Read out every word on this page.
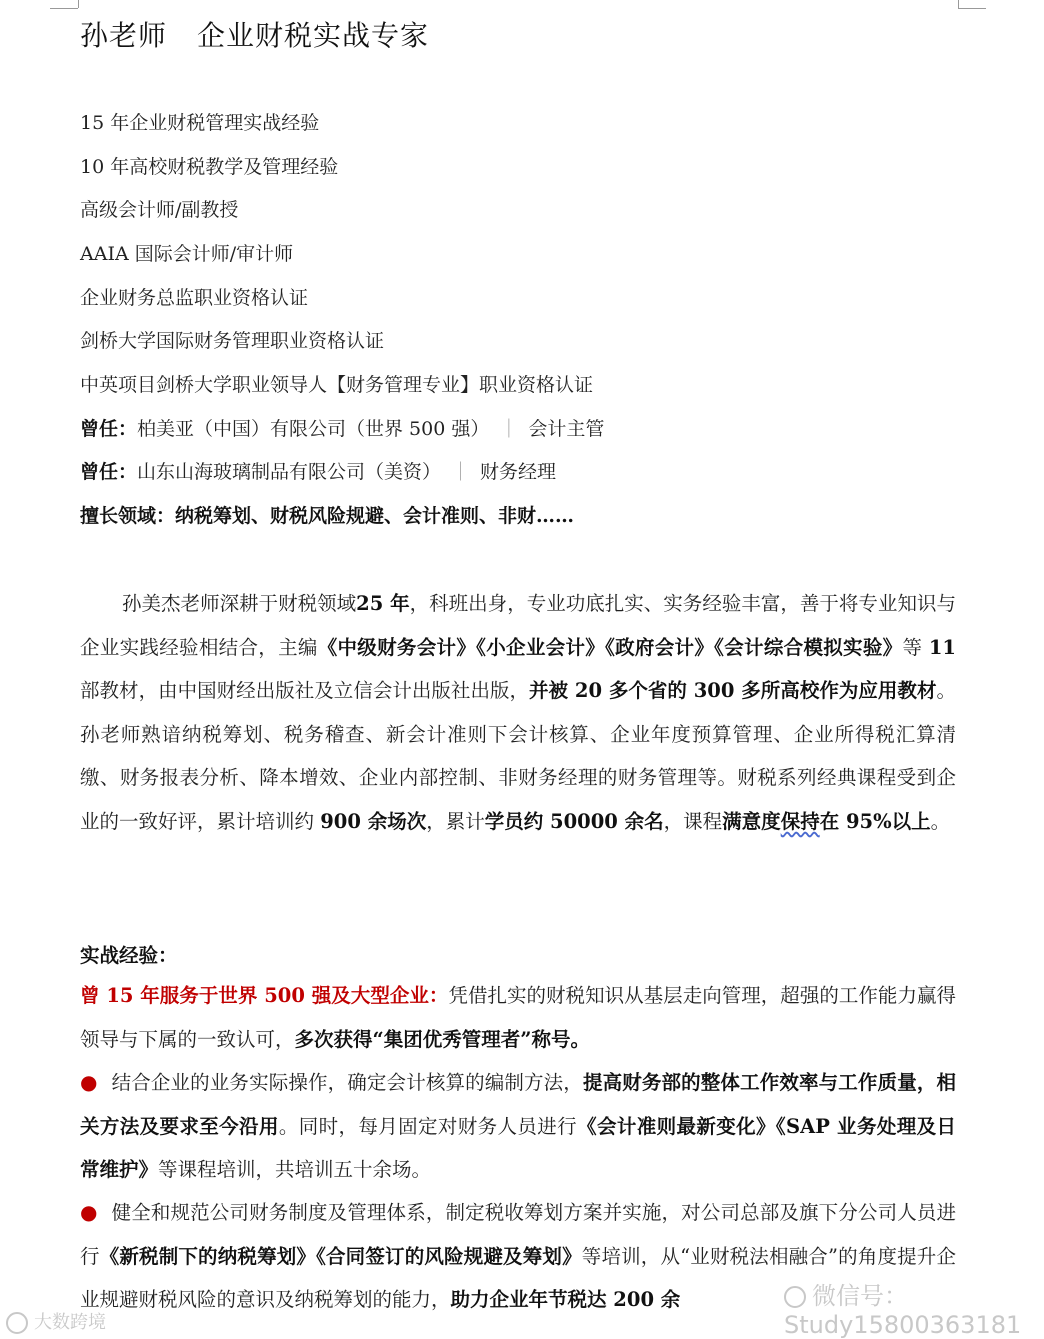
孙老师 企业财税实战专家
15 年企业财税管理实战经验
10 年高校财税教学及管理经验
高级会计师/副教授
AAIA 国际会计师/审计师
企业财务总监职业资格认证
剑桥大学国际财务管理职业资格认证
中英项目剑桥大学职业领导人【财务管理专业】职业资格认证
曾任：柏美亚（中国）有限公司（世界 500 强） ｜ 会计主管
曾任：山东山海玻璃制品有限公司（美资） ｜ 财务经理
擅长领域：纳税筹划、财税风险规避、会计准则、非财……
孙美杰老师深耕于财税领域25 年，科班出身，专业功底扎实、实务经验丰富，善于将专业知识与企业实践经验相结合，主编《中级财务会计》《小企业会计》《政府会计》《会计综合模拟实验》等 11 部教材，由中国财经出版社及立信会计出版社出版，并被 20 多个省的 300 多所高校作为应用教材。孙老师熟谙纳税筹划、税务稽查、新会计准则下会计核算、企业年度预算管理、企业所得税汇算清缴、财务报表分析、降本增效、企业内部控制、非财务经理的财务管理等。财税系列经典课程受到企业的一致好评，累计培训约 900 余场次，累计学员约 50000 余名，课程满意度保持在 95%以上。
实战经验：
曾 15 年服务于世界 500 强及大型企业：凭借扎实的财税知识从基层走向管理，超强的工作能力赢得领导与下属的一致认可，多次获得“集团优秀管理者”称号。
● 结合企业的业务实际操作，确定会计核算的编制方法，提高财务部的整体工作效率与工作质量，相关方法及要求至今沿用。同时，每月固定对财务人员进行《会计准则最新变化》《SAP 业务处理及日常维护》等课程培训，共培训五十余场。
● 健全和规范公司财务制度及管理体系，制定税收筹划方案并实施，对公司总部及旗下分公司人员进行《新税制下的纳税筹划》《合同签订的风险规避及筹划》等培训，从“业财税法相融合”的角度提升企业规避财税风险的意识及纳税筹划的能力，助力企业年节税达 200 余	微信号：Study15800363181
大数跨境
